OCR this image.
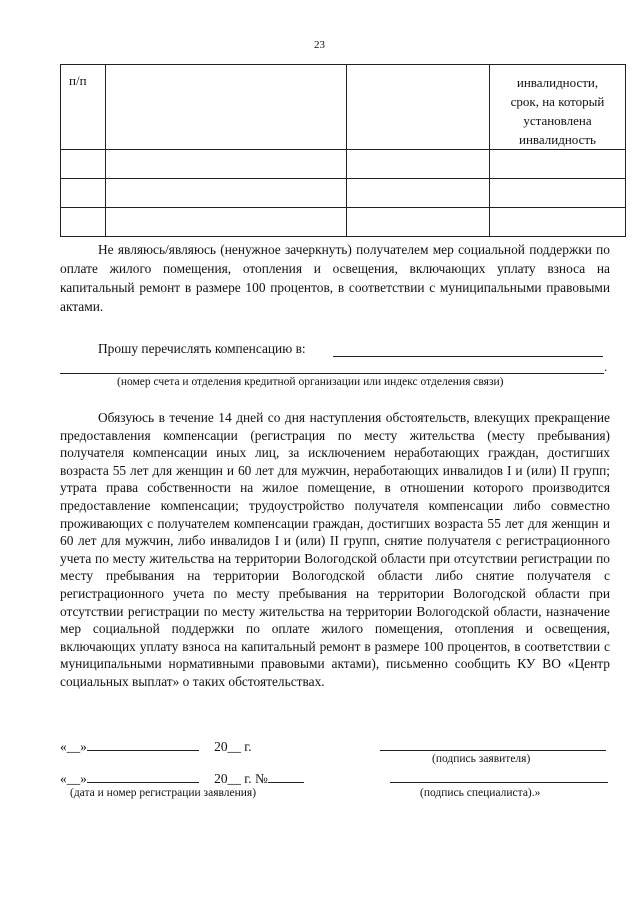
23
п/п			инвалидности,
срок, на который
установлена
инвалидность

Не являюсь/являюсь (ненужное зачеркнуть) получателем мер социальной поддержки по оплате жилого помещения, отопления и освещения, включающих уплату взноса на капитальный ремонт в размере 100 процентов, в соответствии с муниципальными правовыми актами.

Прошу перечислять компенсацию в:
.
(номер счета и отделения кредитной организации или индекс отделения связи)

Обязуюсь в течение 14 дней со дня наступления обстоятельств, влекущих прекращение предоставления компенсации (регистрация по месту жительства (месту пребывания) получателя компенсации иных лиц, за исключением неработающих граждан, достигших возраста 55 лет для женщин и 60 лет для мужчин, неработающих инвалидов I и (или) II групп; утрата права собственности на жилое помещение, в отношении которого производится предоставление компенсации; трудоустройство получателя компенсации либо совместно проживающих с получателем компенсации граждан, достигших возраста 55 лет для женщин и 60 лет для мужчин, либо инвалидов I и (или) II групп, снятие получателя с регистрационного учета по месту жительства на территории Вологодской области при отсутствии регистрации по месту пребывания на территории Вологодской области либо снятие получателя с регистрационного учета по месту пребывания на территории Вологодской области при отсутствии регистрации по месту жительства на территории Вологодской области, назначение мер социальной поддержки по оплате жилого помещения, отопления и освещения, включающих уплату взноса на капитальный ремонт в размере 100 процентов, в соответствии с муниципальными нормативными правовыми актами), письменно сообщить КУ ВО «Центр социальных выплат» о таких обстоятельствах.

«__»	20__ г.
(подпись заявителя)
«__»	20__ г. №
(дата и номер регистрации заявления)	(подпись специалиста).»
